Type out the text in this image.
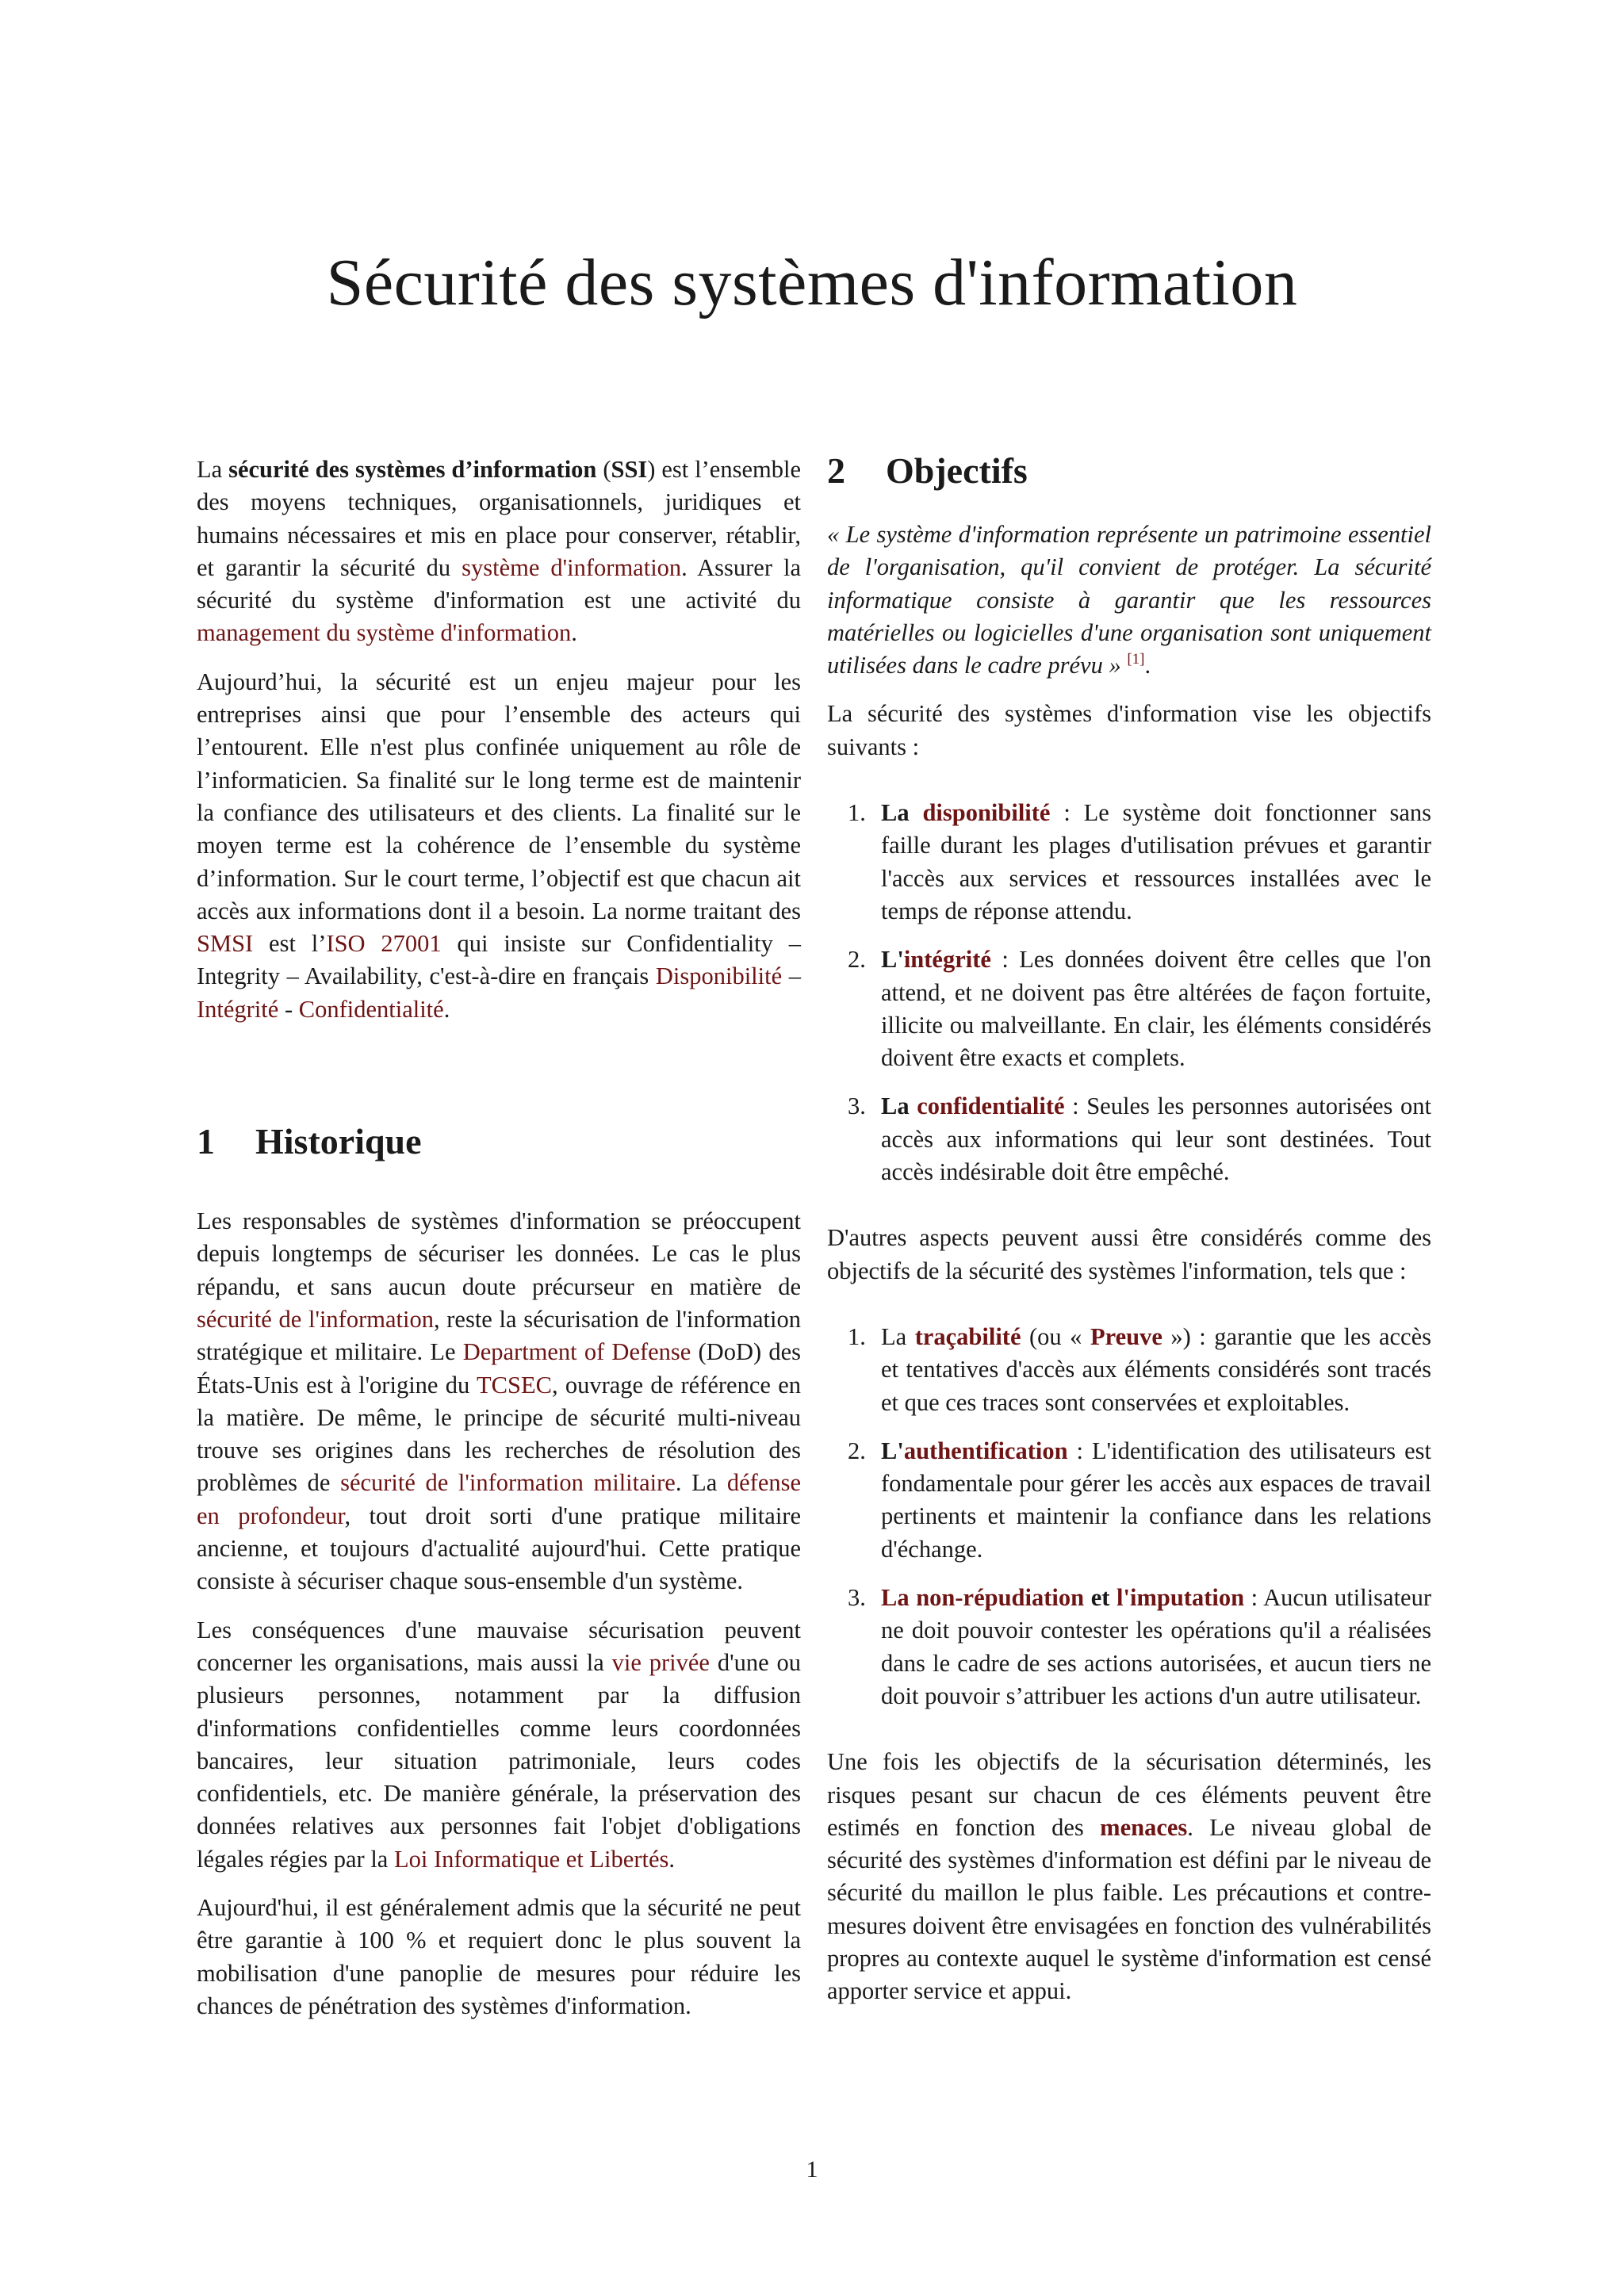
Sécurité des systèmes d'information

La sécurité des systèmes d’information (SSI) est l’ensemble des moyens techniques, organisationnels, juridiques et humains nécessaires et mis en place pour conserver, rétablir, et garantir la sécurité du système d'information. Assurer la sécurité du système d'information est une activité du management du système d'information.

Aujourd’hui, la sécurité est un enjeu majeur pour les entreprises ainsi que pour l’ensemble des acteurs qui l’entourent. Elle n'est plus confinée uniquement au rôle de l’informaticien. Sa finalité sur le long terme est de maintenir la confiance des utilisateurs et des clients. La finalité sur le moyen terme est la cohérence de l’ensemble du système d’information. Sur le court terme, l’objectif est que chacun ait accès aux informations dont il a besoin. La norme traitant des SMSI est l’ISO 27001 qui insiste sur Confidentiality – Integrity – Availability, c'est-à-dire en français Disponibilité – Intégrité - Confidentialité.

1 Historique

Les responsables de systèmes d'information se préoccupent depuis longtemps de sécuriser les données. Le cas le plus répandu, et sans aucun doute précurseur en matière de sécurité de l'information, reste la sécurisation de l'information stratégique et militaire. Le Department of Defense (DoD) des États-Unis est à l'origine du TCSEC, ouvrage de référence en la matière. De même, le principe de sécurité multi-niveau trouve ses origines dans les recherches de résolution des problèmes de sécurité de l'information militaire. La défense en profondeur, tout droit sorti d'une pratique militaire ancienne, et toujours d'actualité aujourd'hui. Cette pratique consiste à sécuriser chaque sous-ensemble d'un système.

Les conséquences d'une mauvaise sécurisation peuvent concerner les organisations, mais aussi la vie privée d'une ou plusieurs personnes, notamment par la diffusion d'informations confidentielles comme leurs coordonnées bancaires, leur situation patrimoniale, leurs codes confidentiels, etc. De manière générale, la préservation des données relatives aux personnes fait l'objet d'obligations légales régies par la Loi Informatique et Libertés.

Aujourd'hui, il est généralement admis que la sécurité ne peut être garantie à 100 % et requiert donc le plus souvent la mobilisation d'une panoplie de mesures pour réduire les chances de pénétration des systèmes d'information.

2 Objectifs

« Le système d'information représente un patrimoine essentiel de l'organisation, qu'il convient de protéger. La sécurité informatique consiste à garantir que les ressources matérielles ou logicielles d'une organisation sont uniquement utilisées dans le cadre prévu » [1].

La sécurité des systèmes d'information vise les objectifs suivants :

1. La disponibilité : Le système doit fonctionner sans faille durant les plages d'utilisation prévues et garantir l'accès aux services et ressources installées avec le temps de réponse attendu.
2. L'intégrité : Les données doivent être celles que l'on attend, et ne doivent pas être altérées de façon fortuite, illicite ou malveillante. En clair, les éléments considérés doivent être exacts et complets.
3. La confidentialité : Seules les personnes autorisées ont accès aux informations qui leur sont destinées. Tout accès indésirable doit être empêché.

D'autres aspects peuvent aussi être considérés comme des objectifs de la sécurité des systèmes l'information, tels que :

1. La traçabilité (ou « Preuve ») : garantie que les accès et tentatives d'accès aux éléments considérés sont tracés et que ces traces sont conservées et exploitables.
2. L'authentification : L'identification des utilisateurs est fondamentale pour gérer les accès aux espaces de travail pertinents et maintenir la confiance dans les relations d'échange.
3. La non-répudiation et l'imputation : Aucun utilisateur ne doit pouvoir contester les opérations qu'il a réalisées dans le cadre de ses actions autorisées, et aucun tiers ne doit pouvoir s’attribuer les actions d'un autre utilisateur.

Une fois les objectifs de la sécurisation déterminés, les risques pesant sur chacun de ces éléments peuvent être estimés en fonction des menaces. Le niveau global de sécurité des systèmes d'information est défini par le niveau de sécurité du maillon le plus faible. Les précautions et contre-mesures doivent être envisagées en fonction des vulnérabilités propres au contexte auquel le système d'information est censé apporter service et appui.

1
